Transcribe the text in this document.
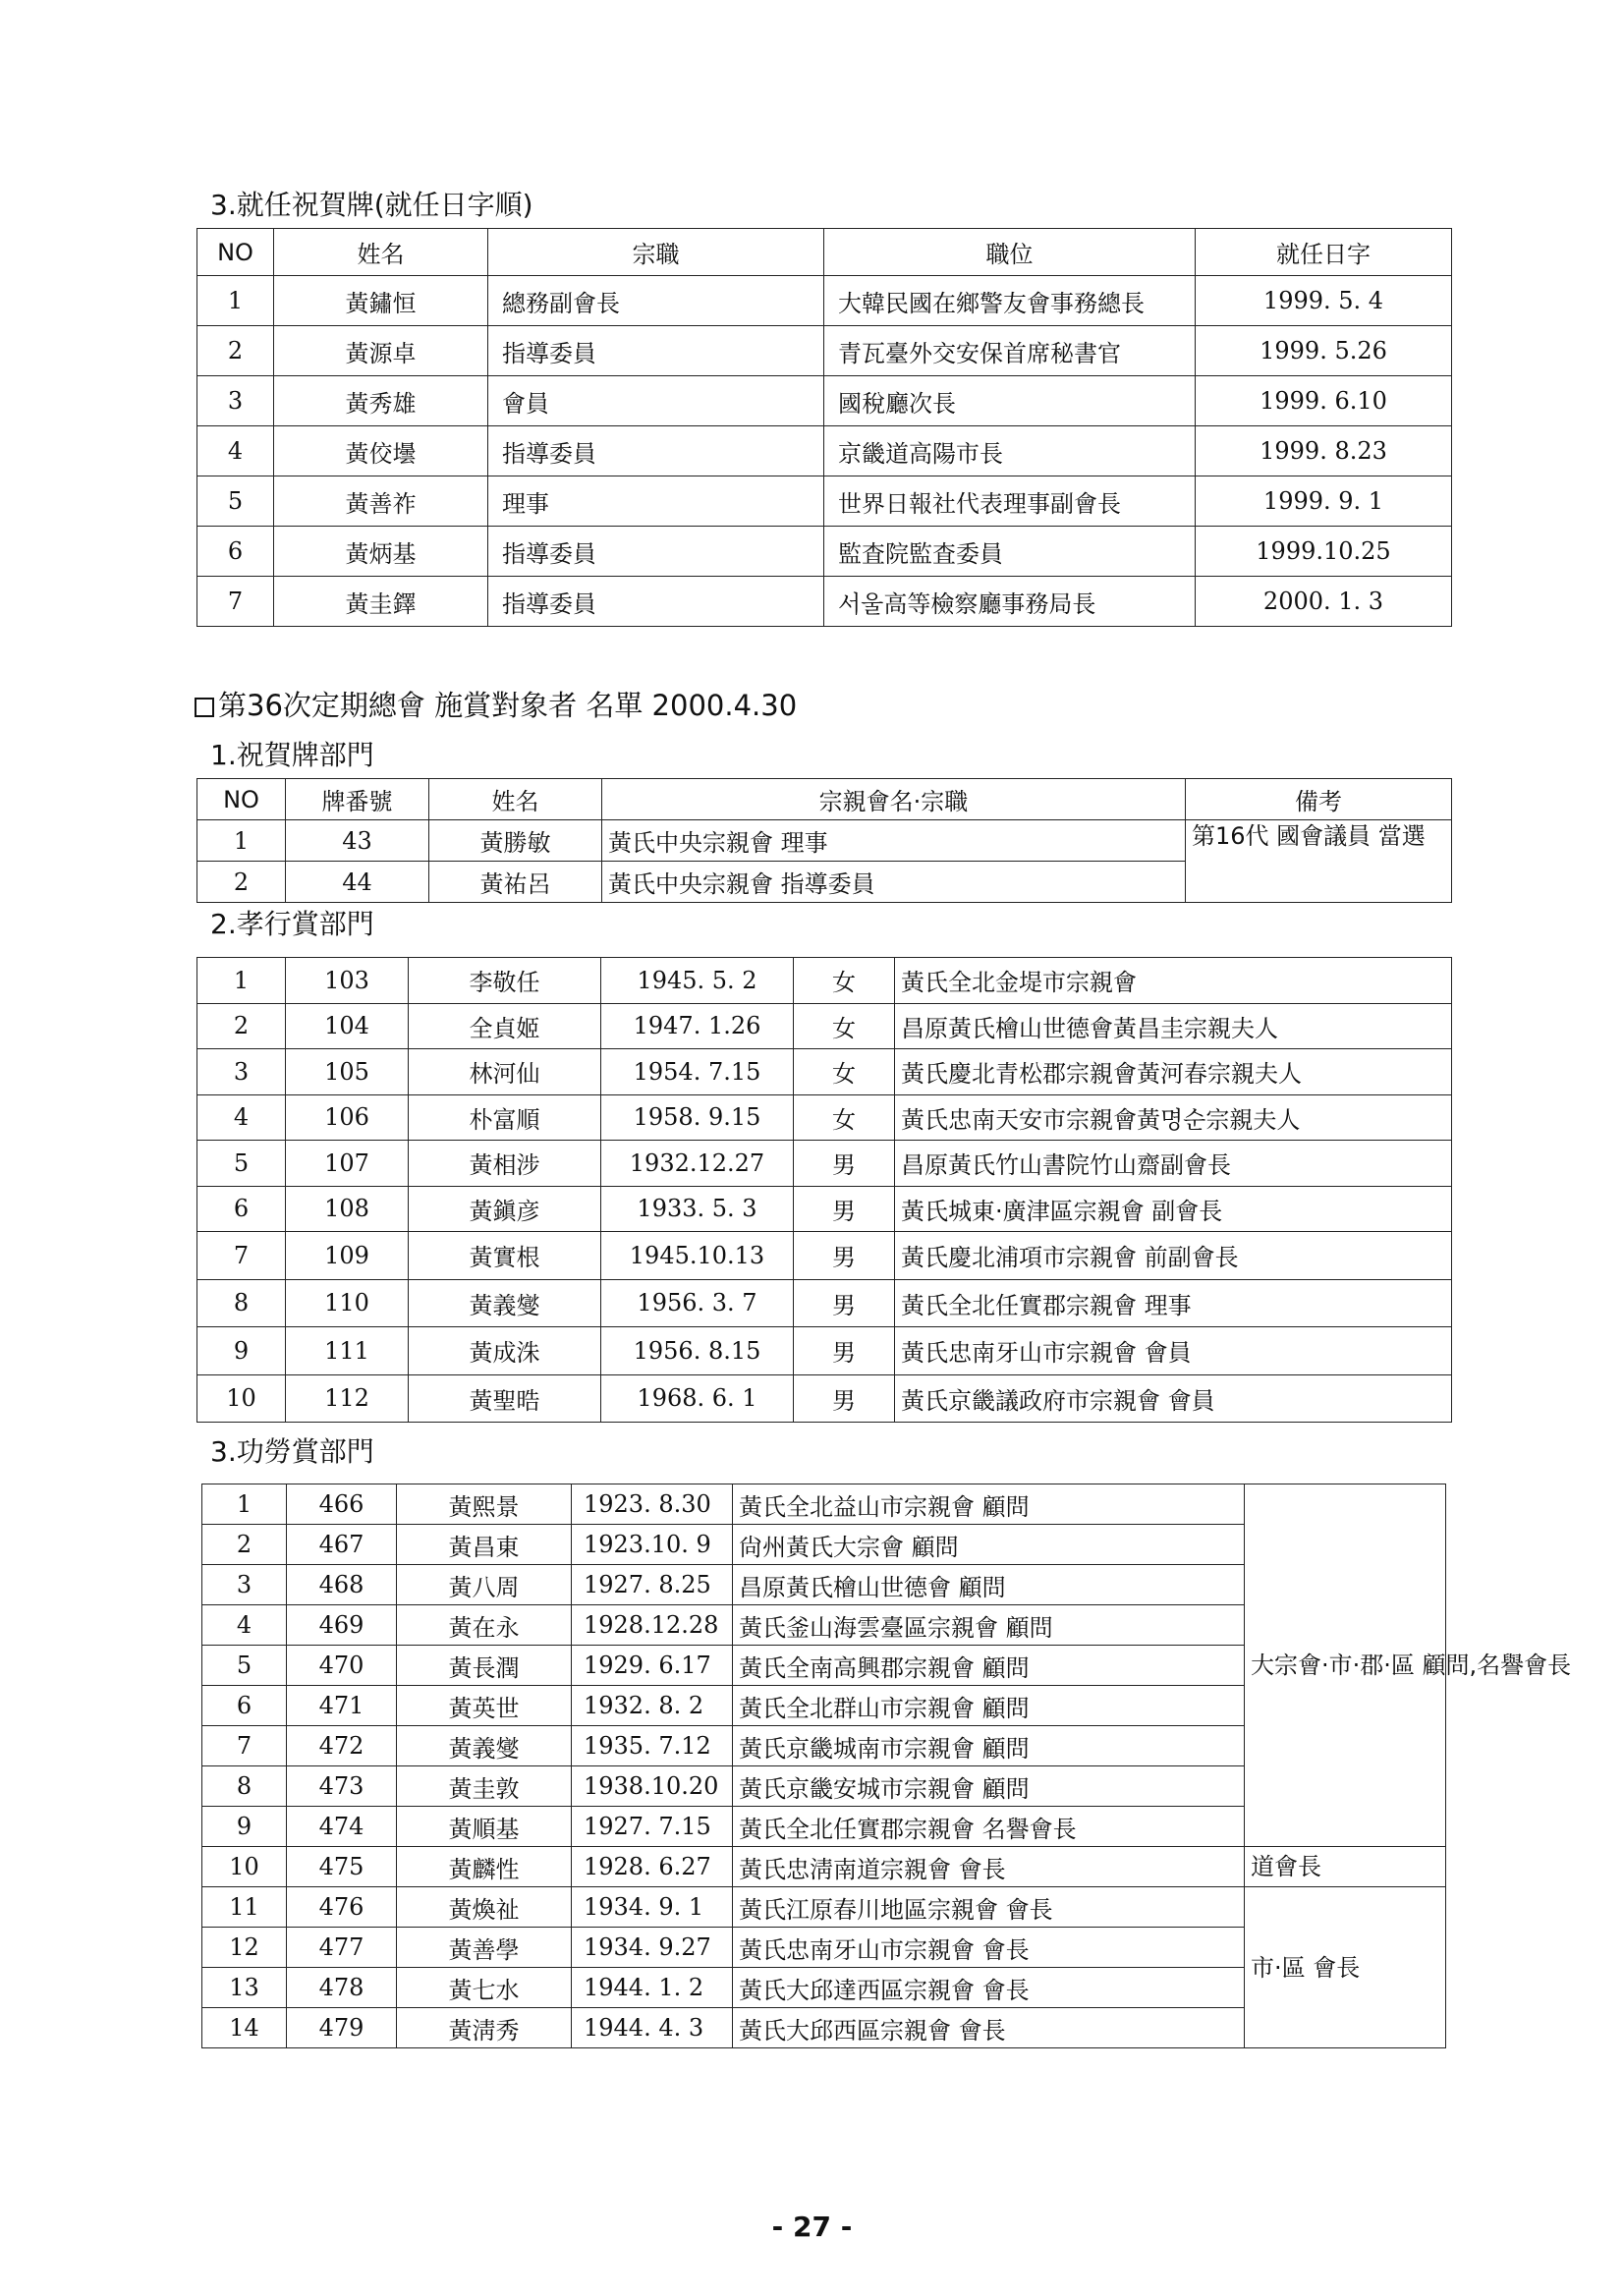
3.就任祝賀牌(就任日字順)
NO	姓名	宗職	職位	就任日字
1	黃鏽恒	總務副會長	大韓民國在鄉警友會事務總長	1999. 5. 4
2	黃源卓	指導委員	青瓦臺外交安保首席秘書官	1999. 5.26
3	黃秀雄	會員	國稅廳次長	1999. 6.10
4	黃佼壜	指導委員	京畿道高陽市長	1999. 8.23
5	黃善祚	理事	世界日報社代表理事副會長	1999. 9. 1
6	黃炳基	指導委員	監査院監査委員	1999.10.25
7	黃圭鐸	指導委員	서울高等檢察廳事務局長	2000. 1. 3
第36次定期總會 施賞對象者 名單 2000.4.30
1.祝賀牌部門
NO	牌番號	姓名	宗親會名·宗職	備考
1	43	黃勝敏	黃氏中央宗親會 理事	第16代 國會議員 當選
2	44	黃祐呂	黃氏中央宗親會 指導委員	
2.孝行賞部門
1	103	李敬任	1945. 5. 2	女	黃氏全北金堤市宗親會
2	104	全貞姬	1947. 1.26	女	昌原黃氏檜山世德會黃昌圭宗親夫人
3	105	林河仙	1954. 7.15	女	黃氏慶北青松郡宗親會黃河春宗親夫人
4	106	朴富順	1958. 9.15	女	黃氏忠南天安市宗親會黃명순宗親夫人
5	107	黃相涉	1932.12.27	男	昌原黃氏竹山書院竹山齋副會長
6	108	黃鎭彦	1933. 5. 3	男	黃氏城東·廣津區宗親會 副會長
7	109	黃實根	1945.10.13	男	黃氏慶北浦項市宗親會 前副會長
8	110	黃義燮	1956. 3. 7	男	黃氏全北任實郡宗親會 理事
9	111	黃成洙	1956. 8.15	男	黃氏忠南牙山市宗親會 會員
10	112	黃聖晧	1968. 6. 1	男	黃氏京畿議政府市宗親會 會員
3.功勞賞部門
1	466	黃熙景	1923. 8.30	黃氏全北益山市宗親會 顧問	大宗會·市·郡·區 顧問,名譽會長
2	467	黃昌東	1923.10. 9	尙州黃氏大宗會 顧問	
3	468	黃八周	1927. 8.25	昌原黃氏檜山世德會 顧問	
4	469	黃在永	1928.12.28	黃氏釜山海雲臺區宗親會 顧問	
5	470	黃長潤	1929. 6.17	黃氏全南高興郡宗親會 顧問	
6	471	黃英世	1932. 8. 2	黃氏全北群山市宗親會 顧問	
7	472	黃義燮	1935. 7.12	黃氏京畿城南市宗親會 顧問	
8	473	黃圭敦	1938.10.20	黃氏京畿安城市宗親會 顧問	
9	474	黃順基	1927. 7.15	黃氏全北任實郡宗親會 名譽會長	
10	475	黃麟性	1928. 6.27	黃氏忠淸南道宗親會 會長	道會長
11	476	黃煥祉	1934. 9. 1	黃氏江原春川地區宗親會 會長	市·區 會長
12	477	黃善學	1934. 9.27	黃氏忠南牙山市宗親會 會長	
13	478	黃七水	1944. 1. 2	黃氏大邱達西區宗親會 會長	
14	479	黃淸秀	1944. 4. 3	黃氏大邱西區宗親會 會長	
- 27 -
